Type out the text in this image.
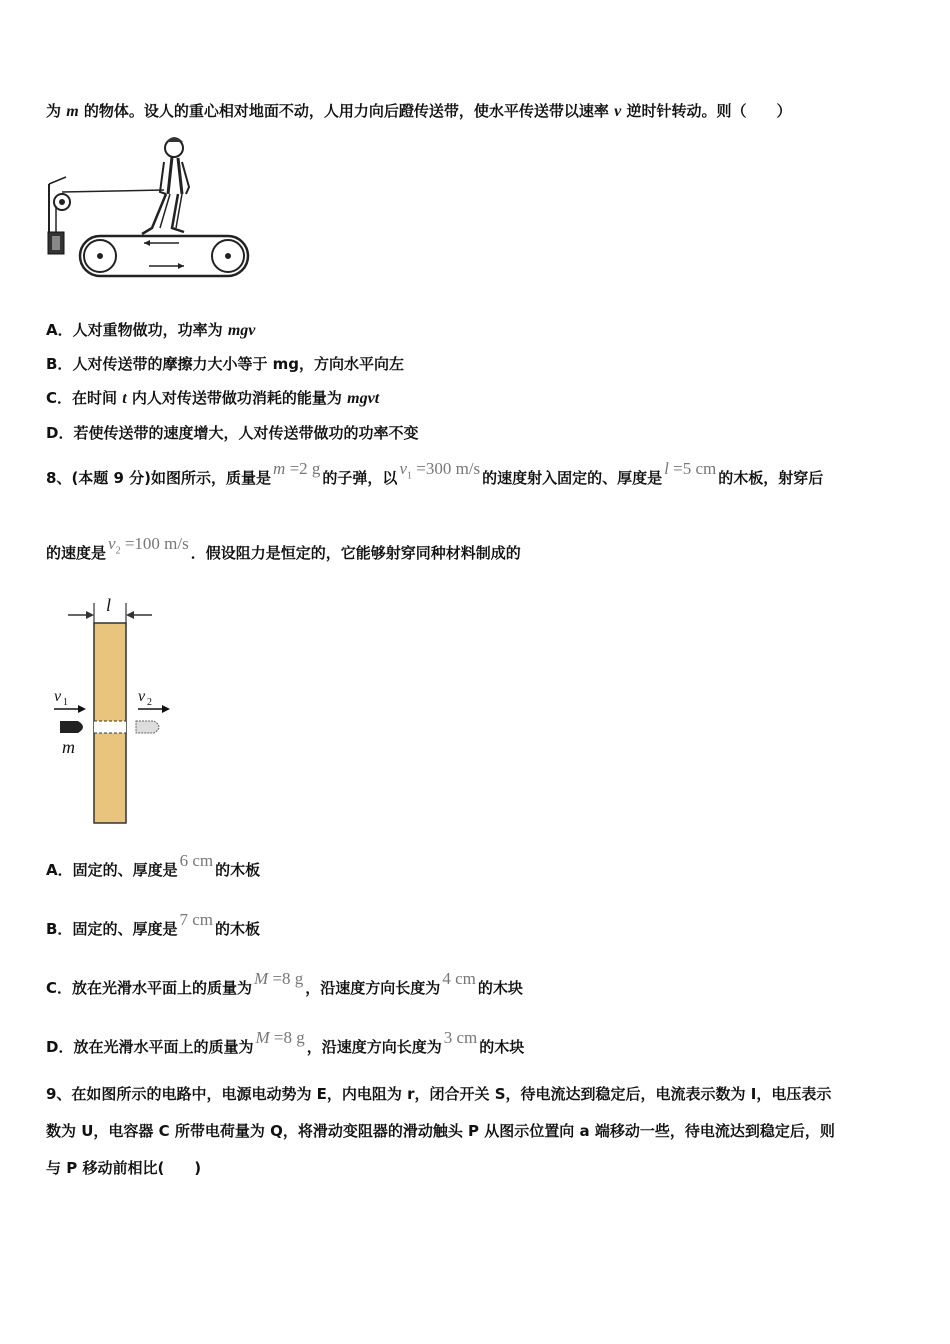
为 m 的物体。设人的重心相对地面不动，人用力向后蹬传送带，使水平传送带以速率 v 逆时针转动。则（　　）
A．人对重物做功，功率为 mgv
B．人对传送带的摩擦力大小等于 mg，方向水平向左
C．在时间 t 内人对传送带做功消耗的能量为 mgvt
D．若使传送带的速度增大，人对传送带做功的功率不变
8、(本题 9 分)如图所示，质量是 m =2 g 的子弹，以 $v_1 =300$ m/s 的速度射入固定的、厚度是 l =5 cm 的木板，射穿后
的速度是 $v_2 =100$ m/s ．假设阻力是恒定的，它能够射穿同种材料制成的
l
v 1	v 2
m
A．固定的、厚度是 6 cm 的木板
B．固定的、厚度是 7 cm 的木板
C．放在光滑水平面上的质量为 M =8 g ，沿速度方向长度为 4 cm 的木块
D．放在光滑水平面上的质量为 M =8 g ，沿速度方向长度为 3 cm 的木块
9、在如图所示的电路中，电源电动势为 E，内电阻为 r，闭合开关 S，待电流达到稳定后，电流表示数为 I，电压表示
数为 U，电容器 C 所带电荷量为 Q，将滑动变阻器的滑动触头 P 从图示位置向 a 端移动一些，待电流达到稳定后，则
与 P 移动前相比(　　)
